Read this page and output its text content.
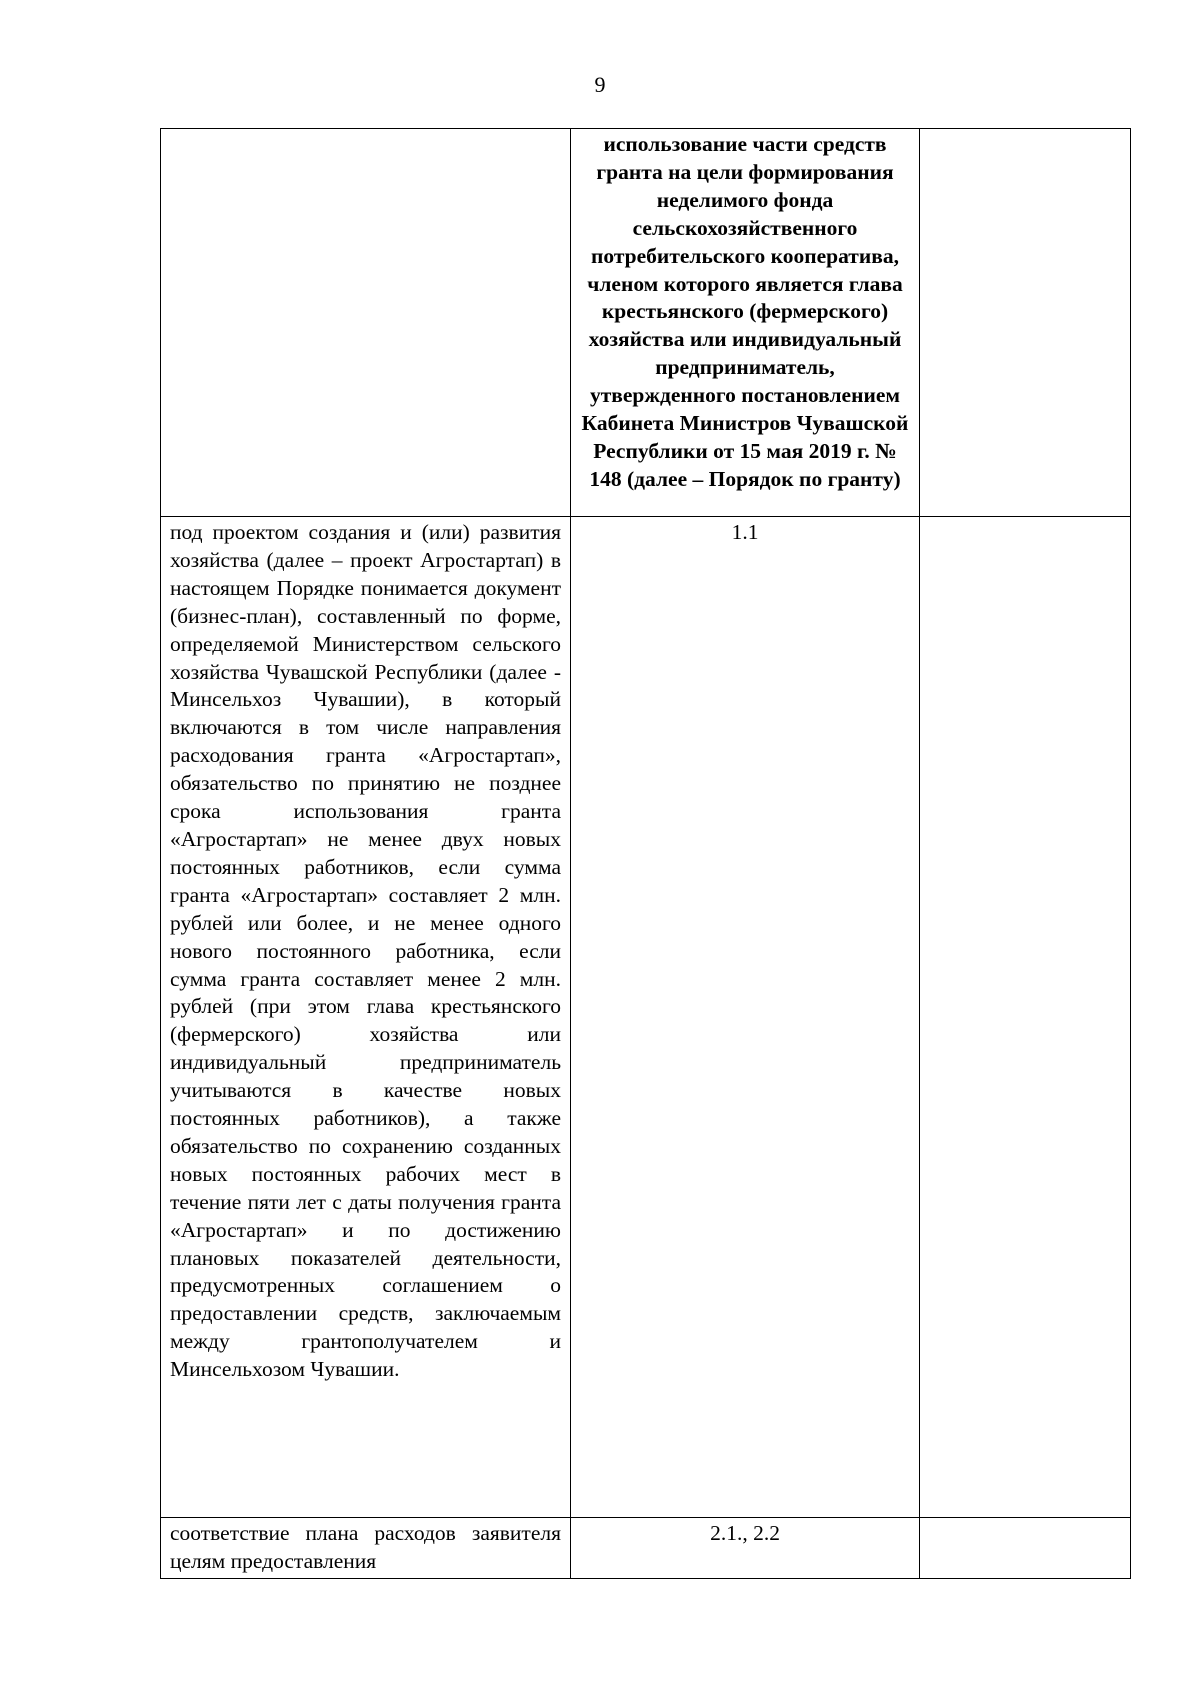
9
	использование части средств гранта на цели формирования неделимого фонда сельскохозяйственного потребительского кооператива, членом которого является глава крестьянского (фермерского) хозяйства или индивидуальный предприниматель, утвержденного постановлением Кабинета Министров Чувашской Республики от 15 мая 2019 г. № 148 (далее – Порядок по гранту)	
под проектом создания и (или) развития хозяйства (далее – проект Агростартап) в настоящем Порядке понимается документ (бизнес-план), составленный по форме, определяемой Министерством сельского хозяйства Чувашской Республики (далее - Минсельхоз Чувашии), в который включаются в том числе направления расходования гранта «Агростартап», обязательство по принятию не позднее срока использования гранта «Агростартап» не менее двух новых постоянных работников, если сумма гранта «Агростартап» составляет 2 млн. рублей или более, и не менее одного нового постоянного работника, если сумма гранта составляет менее 2 млн. рублей (при этом глава крестьянского (фермерского) хозяйства или индивидуальный предприниматель учитываются в качестве новых постоянных работников), а также обязательство по сохранению созданных новых постоянных рабочих мест в течение пяти лет с даты получения гранта «Агростартап» и по достижению плановых показателей деятельности, предусмотренных соглашением о предоставлении средств, заключаемым между грантополучателем и Минсельхозом Чувашии.	1.1	
соответствие плана расходов заявителя целям предоставления	2.1., 2.2	
